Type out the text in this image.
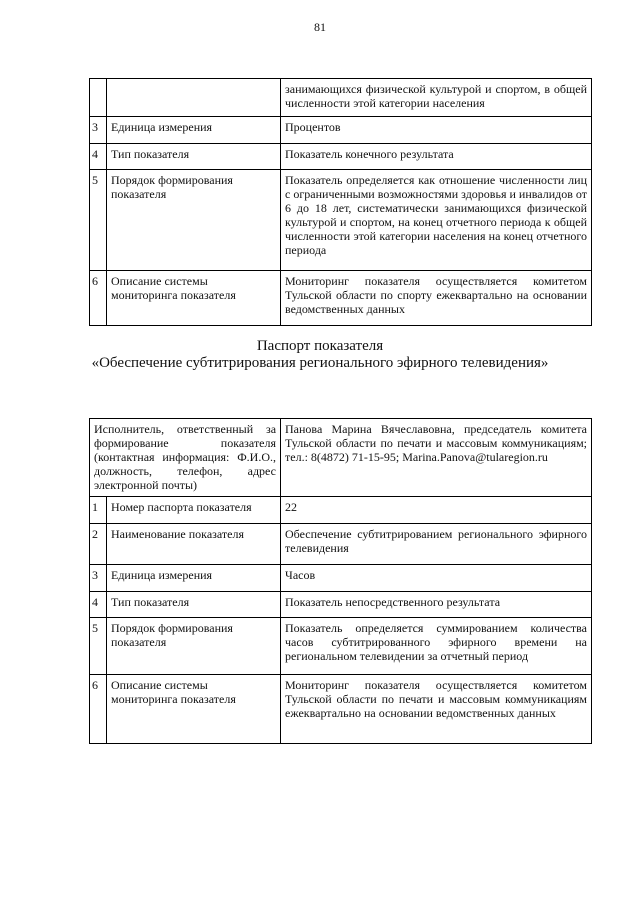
81
		занимающихся физической культурой и спортом, в общей численности этой категории населения
3	Единица измерения	Процентов
4	Тип показателя	Показатель конечного результата
5	Порядок формирования показателя	Показатель определяется как отношение численности лиц с ограниченными возможностями здоровья и инвалидов от 6 до 18 лет, систематически занимающихся физической культурой и спортом, на конец отчетного периода к общей численности этой категории населения на конец отчетного периода
6	Описание системы мониторинга показателя	Мониторинг показателя осуществляется комитетом Тульской области по спорту ежеквартально на основании ведомственных данных
Паспорт показателя
«Обеспечение субтитрирования регионального эфирного телевидения»
Исполнитель, ответственный за формирование показателя (контактная информация: Ф.И.О., должность, телефон, адрес электронной почты)		Панова Марина Вячеславовна, председатель комитета Тульской области по печати и массовым коммуникациям; тел.: 8(4872) 71-15-95; Marina.Panova@tularegion.ru
1	Номер паспорта показателя	22
2	Наименование показателя	Обеспечение субтитрированием регионального эфирного телевидения
3	Единица измерения	Часов
4	Тип показателя	Показатель непосредственного результата
5	Порядок формирования показателя	Показатель определяется суммированием количества часов субтитрированного эфирного времени на региональном телевидении за отчетный период
6	Описание системы мониторинга показателя	Мониторинг показателя осуществляется комитетом Тульской области по печати и массовым коммуникациям ежеквартально на основании ведомственных данных
